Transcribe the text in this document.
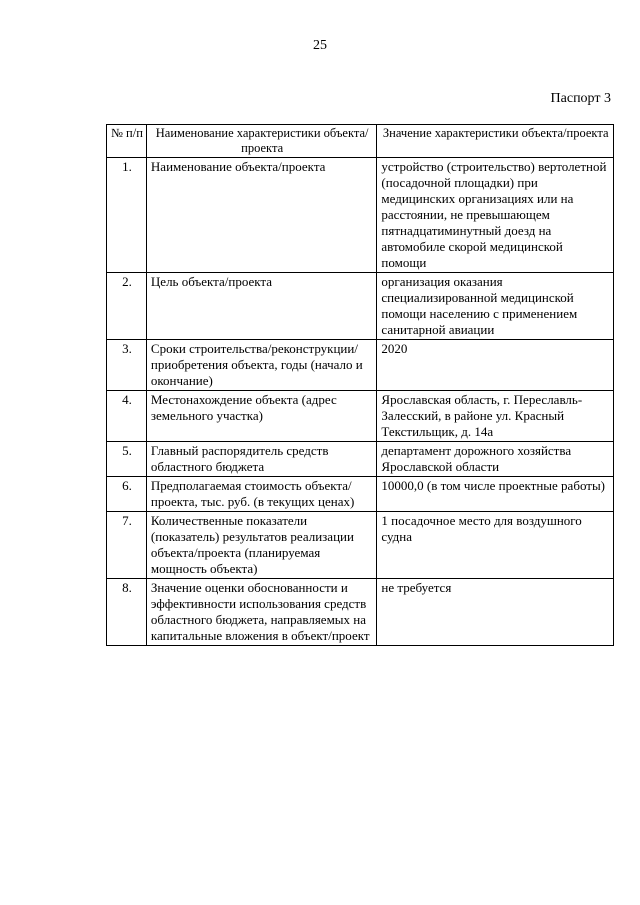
25
Паспорт 3
№ п/п	Наименование характеристики объекта/проекта	Значение характеристики объекта/проекта
1.	Наименование объекта/проекта	устройство (строительство) вертолетной (посадочной площадки) при медицинских организациях или на расстоянии, не превышающем пятнадцатиминутный доезд на автомобиле скорой медицинской помощи
2.	Цель объекта/проекта	организация оказания специализированной медицинской помощи населению с применением санитарной авиации
3.	Сроки строительства/реконструкции/ приобретения объекта, годы (начало и окончание)	2020
4.	Местонахождение объекта (адрес земельного участка)	Ярославская область, г. Переславль-Залесский, в районе ул. Красный Текстильщик, д. 14а
5.	Главный распорядитель средств областного бюджета	департамент дорожного хозяйства Ярославской области
6.	Предполагаемая стоимость объекта/проекта, тыс. руб. (в текущих ценах)	10000,0 (в том числе проектные работы)
7.	Количественные показатели (показатель) результатов реализации объекта/проекта (планируемая мощность объекта)	1 посадочное место для воздушного судна
8.	Значение оценки обоснованности и эффективности использования средств областного бюджета, направляемых на капитальные вложения в объект/проект	не требуется
